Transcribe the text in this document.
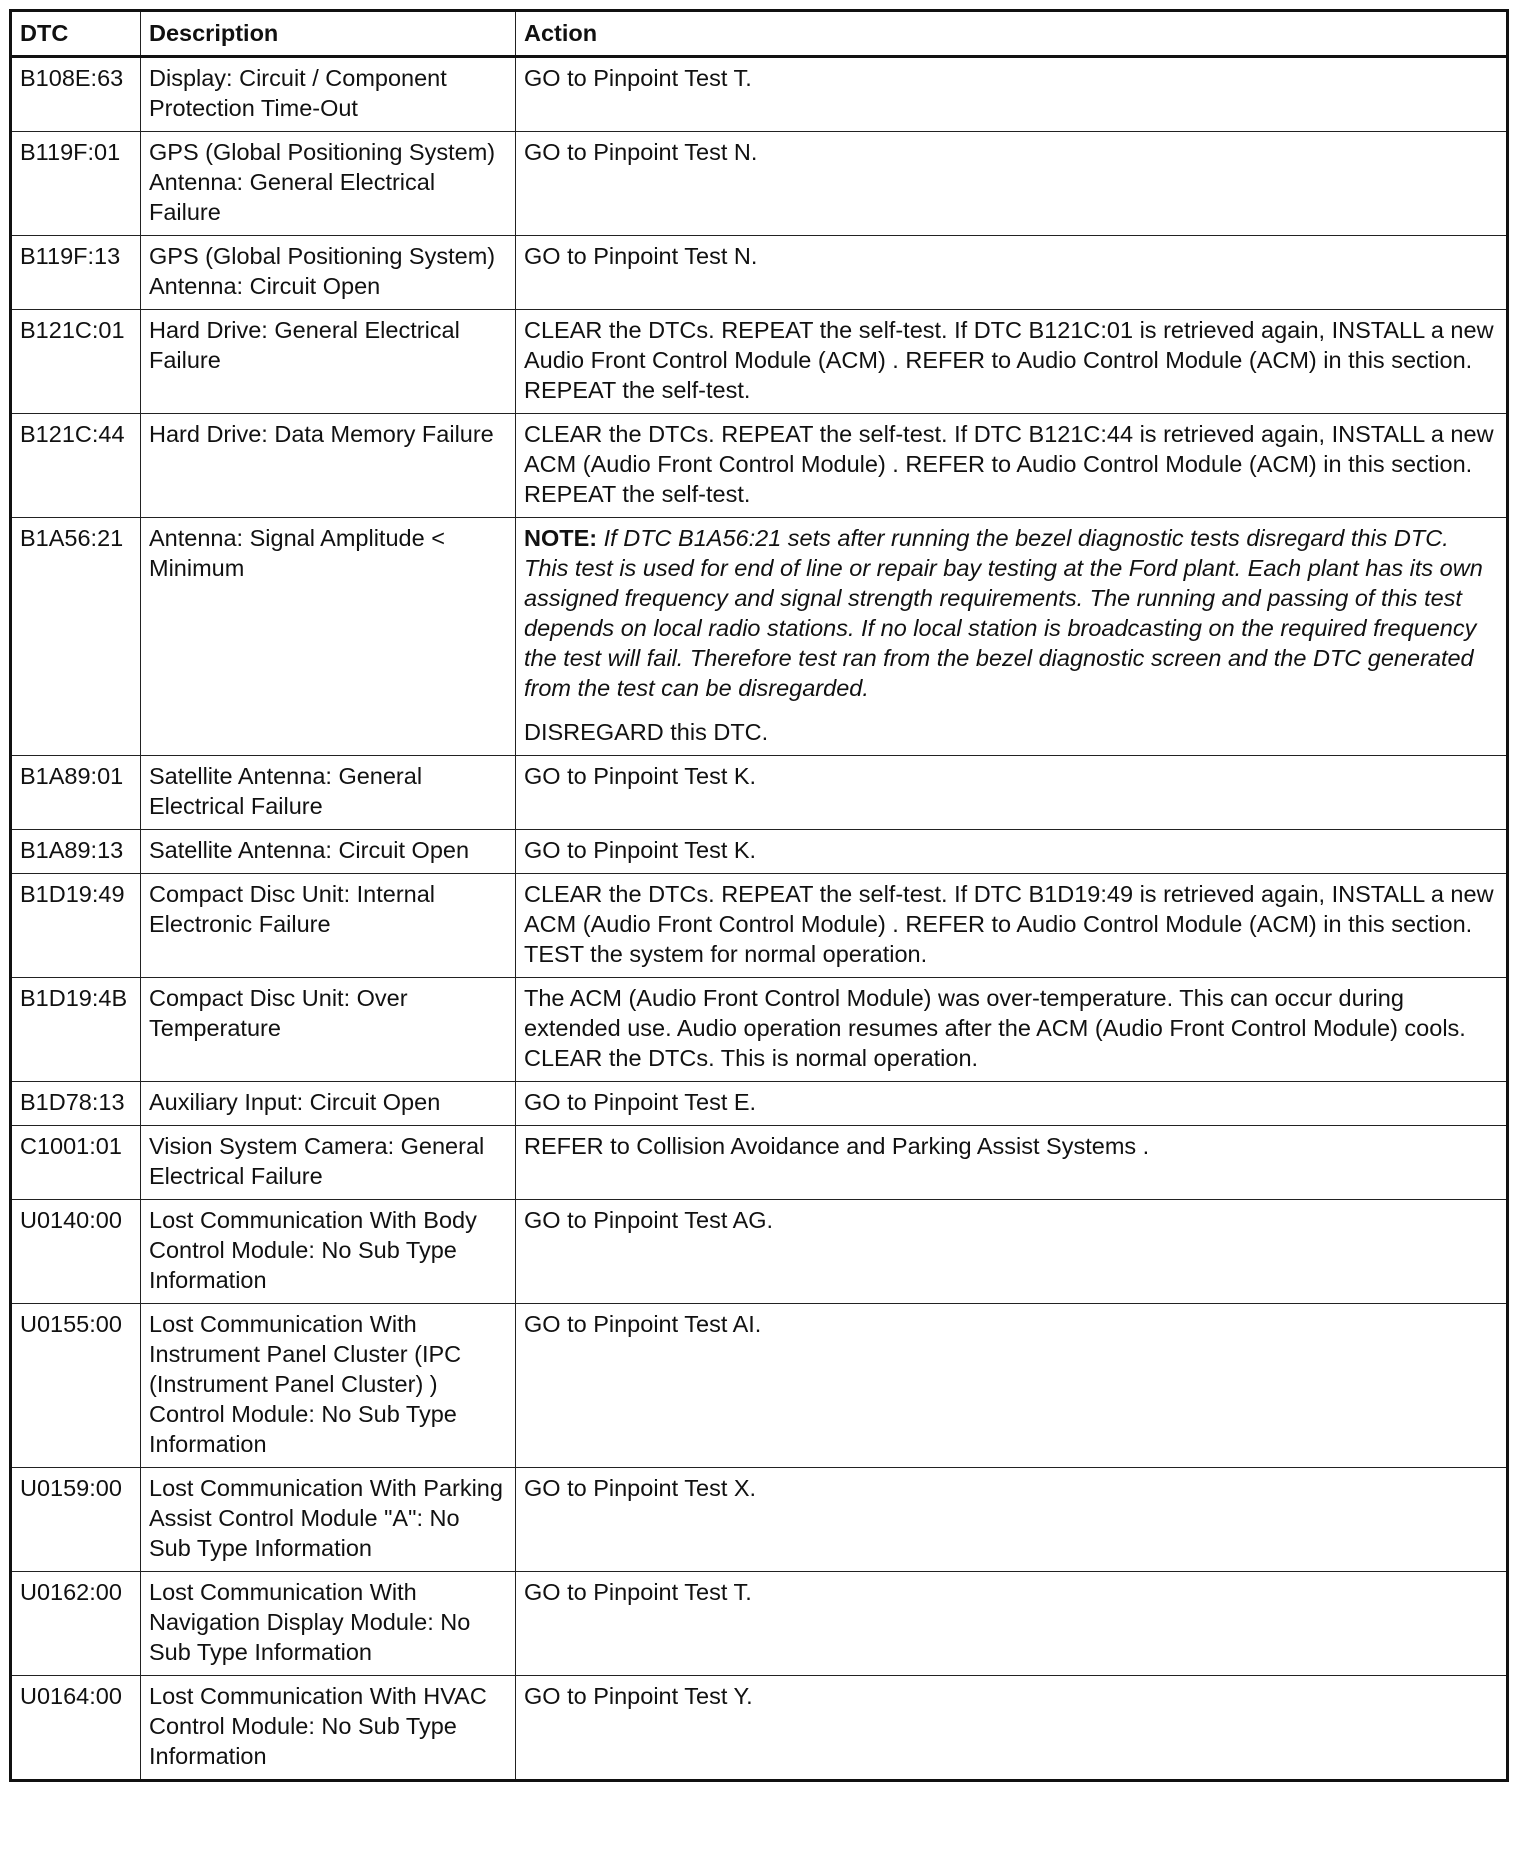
DTC	Description	Action
B108E:63	Display: Circuit / Component Protection Time-Out	GO to Pinpoint Test T.
B119F:01	GPS (Global Positioning System) Antenna: General Electrical Failure	GO to Pinpoint Test N.
B119F:13	GPS (Global Positioning System) Antenna: Circuit Open	GO to Pinpoint Test N.
B121C:01	Hard Drive: General Electrical Failure	CLEAR the DTCs. REPEAT the self-test. If DTC B121C:01 is retrieved again, INSTALL a new Audio Front Control Module (ACM) . REFER to Audio Control Module (ACM) in this section. REPEAT the self-test.
B121C:44	Hard Drive: Data Memory Failure	CLEAR the DTCs. REPEAT the self-test. If DTC B121C:44 is retrieved again, INSTALL a new ACM (Audio Front Control Module) . REFER to Audio Control Module (ACM) in this section. REPEAT the self-test.
B1A56:21	Antenna: Signal Amplitude < Minimum	NOTE: If DTC B1A56:21 sets after running the bezel diagnostic tests disregard this DTC. This test is used for end of line or repair bay testing at the Ford plant. Each plant has its own assigned frequency and signal strength requirements. The running and passing of this test depends on local radio stations. If no local station is broadcasting on the required frequency the test will fail. Therefore test ran from the bezel diagnostic screen and the DTC generated from the test can be disregarded.

DISREGARD this DTC.

B1A89:01	Satellite Antenna: General Electrical Failure	GO to Pinpoint Test K.
B1A89:13	Satellite Antenna: Circuit Open	GO to Pinpoint Test K.
B1D19:49	Compact Disc Unit: Internal Electronic Failure	CLEAR the DTCs. REPEAT the self-test. If DTC B1D19:49 is retrieved again, INSTALL a new ACM (Audio Front Control Module) . REFER to Audio Control Module (ACM) in this section. TEST the system for normal operation.
B1D19:4B	Compact Disc Unit: Over Temperature	The ACM (Audio Front Control Module) was over-temperature. This can occur during extended use. Audio operation resumes after the ACM (Audio Front Control Module) cools. CLEAR the DTCs. This is normal operation.
B1D78:13	Auxiliary Input: Circuit Open	GO to Pinpoint Test E.
C1001:01	Vision System Camera: General Electrical Failure	REFER to Collision Avoidance and Parking Assist Systems .
U0140:00	Lost Communication With Body Control Module: No Sub Type Information	GO to Pinpoint Test AG.
U0155:00	Lost Communication With Instrument Panel Cluster (IPC (Instrument Panel Cluster) ) Control Module: No Sub Type Information	GO to Pinpoint Test AI.
U0159:00	Lost Communication With Parking Assist Control Module "A": No Sub Type Information	GO to Pinpoint Test X.
U0162:00	Lost Communication With Navigation Display Module: No Sub Type Information	GO to Pinpoint Test T.
U0164:00	Lost Communication With HVAC Control Module: No Sub Type Information	GO to Pinpoint Test Y.
